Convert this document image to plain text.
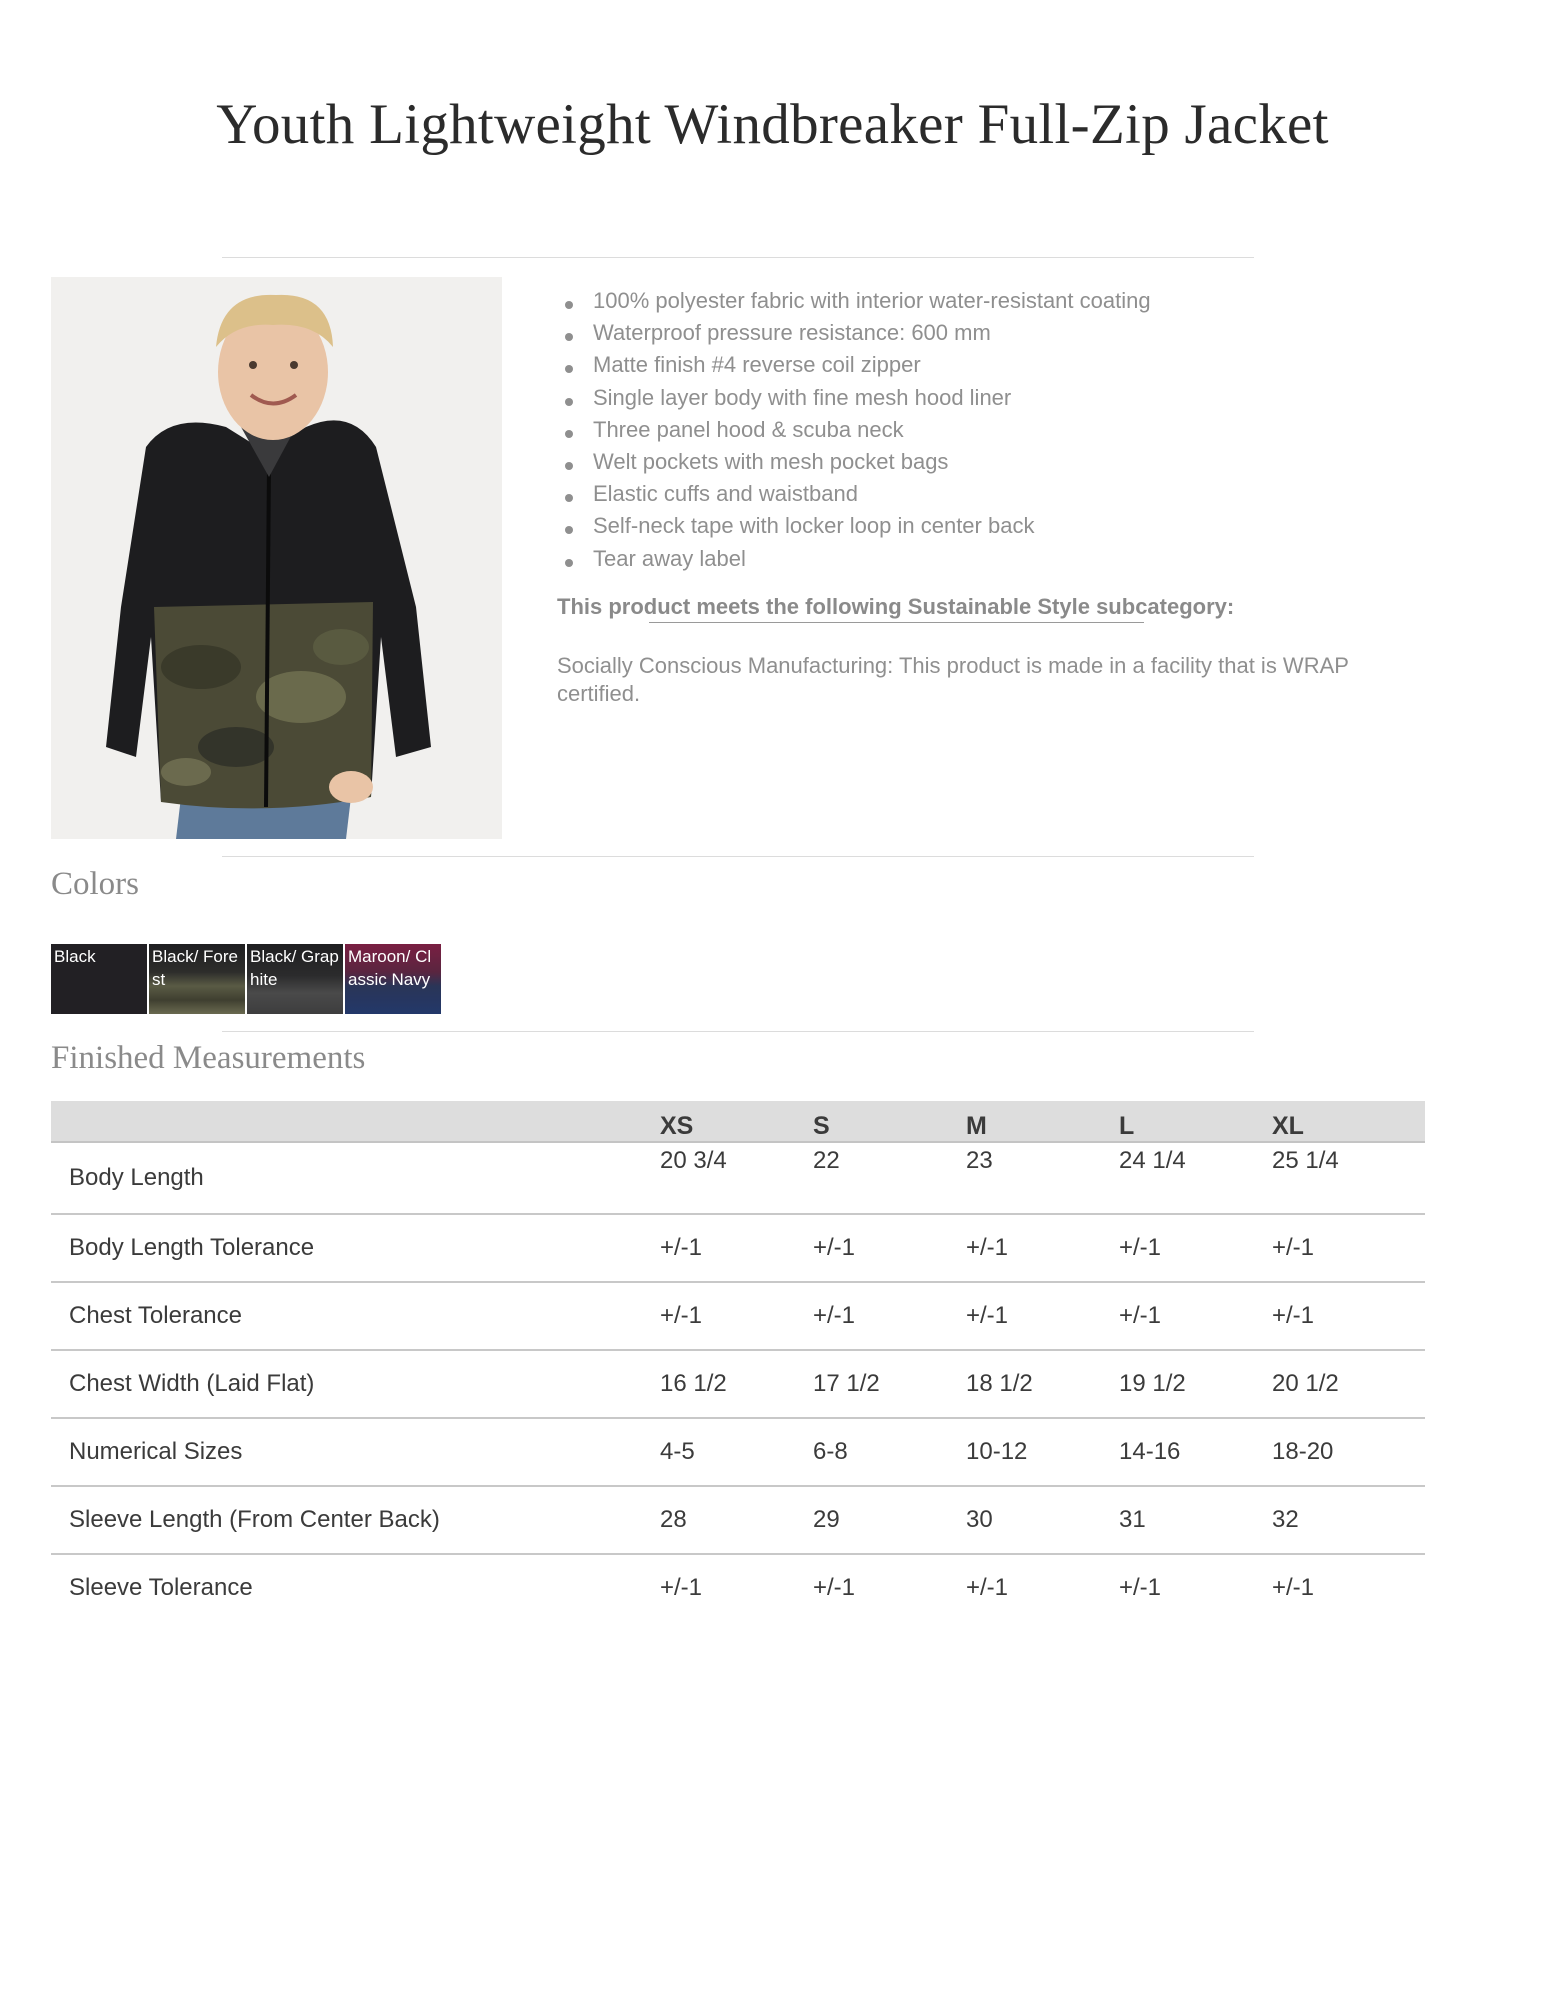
Youth Lightweight Windbreaker Full-Zip Jacket
100% polyester fabric with interior water-resistant coating
Waterproof pressure resistance: 600 mm
Matte finish #4 reverse coil zipper
Single layer body with fine mesh hood liner
Three panel hood & scuba neck
Welt pockets with mesh pocket bags
Elastic cuffs and waistband
Self-neck tape with locker loop in center back
Tear away label
This product meets the following Sustainable Style subcategory:
Socially Conscious Manufacturing: This product is made in a facility that is WRAP certified.
Colors
Black	Black/ Forest
Black/ Graphite
Maroon/ Classic Navy
Finished Measurements
	XS	S	M	L	XL
Body Length	20 3/4	22	23	24 1/4	25 1/4
Body Length Tolerance	+/-1	+/-1	+/-1	+/-1	+/-1
Chest Tolerance	+/-1	+/-1	+/-1	+/-1	+/-1
Chest Width (Laid Flat)	16 1/2	17 1/2	18 1/2	19 1/2	20 1/2
Numerical Sizes	4-5	6-8	10-12	14-16	18-20
Sleeve Length (From Center Back)	28	29	30	31	32
Sleeve Tolerance	+/-1	+/-1	+/-1	+/-1	+/-1
